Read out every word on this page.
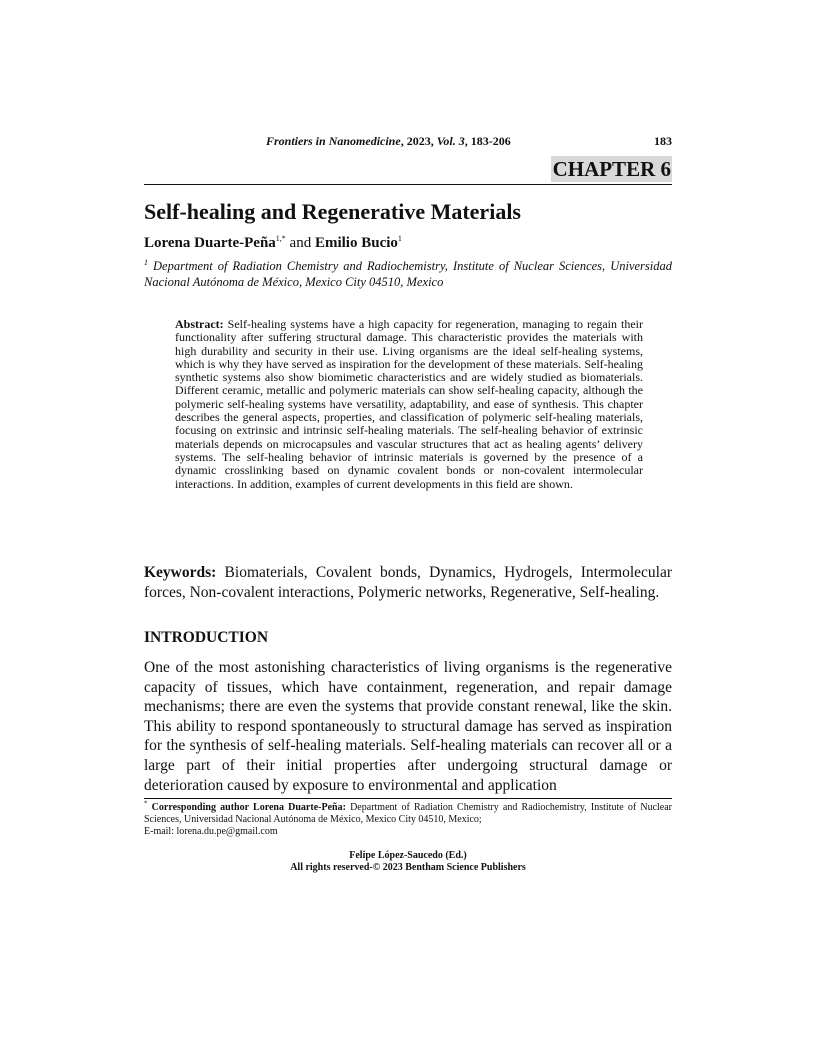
Frontiers in Nanomedicine, 2023, Vol. 3, 183-206	183
CHAPTER 6
Self-healing and Regenerative Materials
Lorena Duarte-Peña$^{1,*}$ and Emilio Bucio$^1$
$^1$ Department of Radiation Chemistry and Radiochemistry, Institute of Nuclear Sciences, Universidad Nacional Autónoma de México, Mexico City 04510, Mexico
Abstract: Self-healing systems have a high capacity for regeneration, managing to regain their functionality after suffering structural damage. This characteristic provides the materials with high durability and security in their use. Living organisms are the ideal self-healing systems, which is why they have served as inspiration for the development of these materials. Self-healing synthetic systems also show biomimetic characteristics and are widely studied as biomaterials. Different ceramic, metallic and polymeric materials can show self-healing capacity, although the polymeric self-healing systems have versatility, adaptability, and ease of synthesis. This chapter describes the general aspects, properties, and classification of polymeric self-healing materials, focusing on extrinsic and intrinsic self-healing materials. The self-healing behavior of extrinsic materials depends on microcapsules and vascular structures that act as healing agents’ delivery systems. The self-healing behavior of intrinsic materials is governed by the presence of a dynamic crosslinking based on dynamic covalent bonds or non-covalent intermolecular interactions. In addition, examples of current developments in this field are shown.
Keywords: Biomaterials, Covalent bonds, Dynamics, Hydrogels, Intermolecular forces, Non-covalent interactions, Polymeric networks, Regenerative, Self-healing.
INTRODUCTION

One of the most astonishing characteristics of living organisms is the regenerative capacity of tissues, which have containment, regeneration, and repair damage mechanisms; there are even the systems that provide constant renewal, like the skin. This ability to respond spontaneously to structural damage has served as inspiration for the synthesis of self-healing materials. Self-healing materials can recover all or a large part of their initial properties after undergoing structural damage or deterioration caused by exposure to environmental and application

* Corresponding author Lorena Duarte-Peña: Department of Radiation Chemistry and Radiochemistry, Institute of Nuclear Sciences, Universidad Nacional Autónoma de México, Mexico City 04510, Mexico;
E-mail: lorena.du.pe@gmail.com
Felipe López-Saucedo (Ed.)
All rights reserved-© 2023 Bentham Science Publishers
